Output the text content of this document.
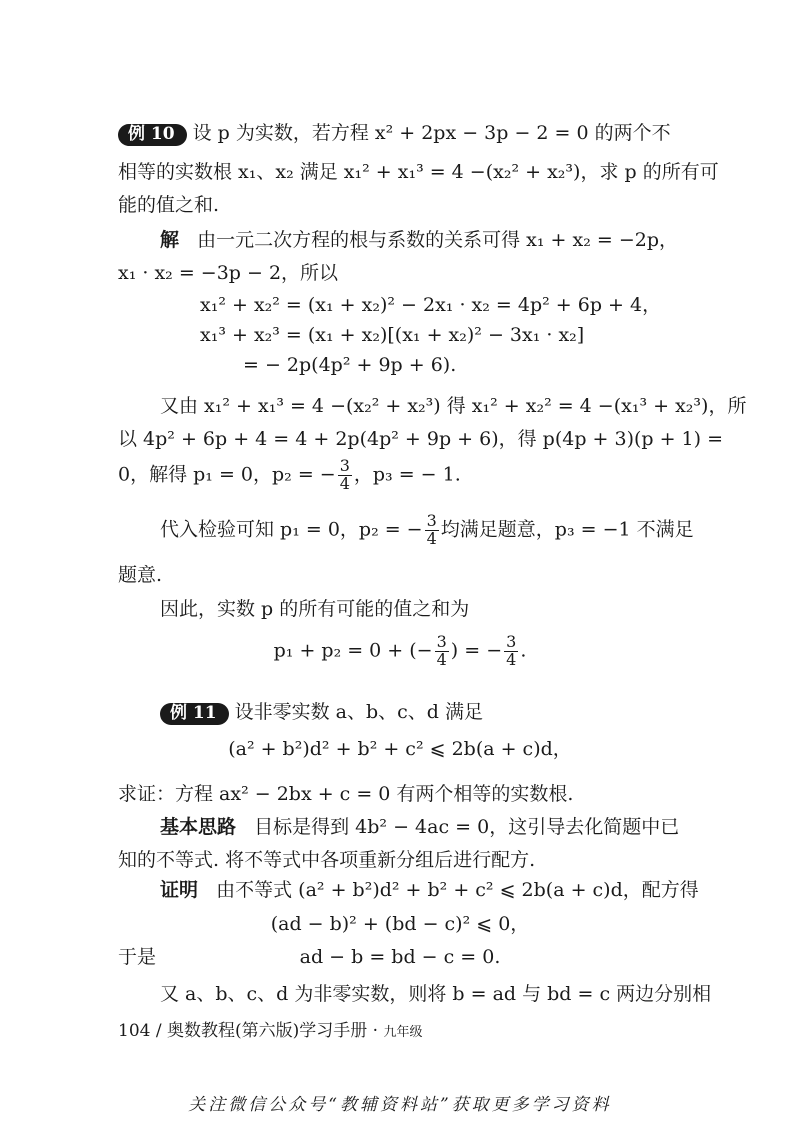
例 10 设 p 为实数，若方程 x² + 2px − 3p − 2 = 0 的两个不
相等的实数根 x₁、x₂ 满足 x₁² + x₁³ = 4 −(x₂² + x₂³)，求 p 的所有可
能的值之和.
解 由一元二次方程的根与系数的关系可得 x₁ + x₂ = −2p，
x₁ · x₂ = −3p − 2，所以
x₁² + x₂² = (x₁ + x₂)² − 2x₁ · x₂ = 4p² + 6p + 4，
x₁³ + x₂³ = (x₁ + x₂)[(x₁ + x₂)² − 3x₁ · x₂]
= − 2p(4p² + 9p + 6).
又由 x₁² + x₁³ = 4 −(x₂² + x₂³) 得 x₁² + x₂² = 4 −(x₁³ + x₂³)，所
以 4p² + 6p + 4 = 4 + 2p(4p² + 9p + 6)，得 p(4p + 3)(p + 1) =
0，解得 p₁ = 0，p₂ = − $\frac{3}{4}$ ，p₃ = − 1.
代入检验可知 p₁ = 0，p₂ = − $\frac{3}{4}$ 均满足题意，p₃ = −1 不满足
题意.
因此，实数 p 的所有可能的值之和为
p₁ + p₂ = 0 + (− $\frac{3}{4}$ ) = − $\frac{3}{4}$ .
例 11 设非零实数 a、b、c、d 满足
(a² + b²)d² + b² + c² ⩽ 2b(a + c)d，
求证：方程 ax² − 2bx + c = 0 有两个相等的实数根.
基本思路 目标是得到 4b² − 4ac = 0，这引导去化简题中已
知的不等式. 将不等式中各项重新分组后进行配方.
证明 由不等式 (a² + b²)d² + b² + c² ⩽ 2b(a + c)d，配方得
(ad − b)² + (bd − c)² ⩽ 0，
于是	ad − b = bd − c = 0.
又 a、b、c、d 为非零实数，则将 b = ad 与 bd = c 两边分别相
104 / 奥数教程(第六版)学习手册 · 九年级
关注微信公众号“教辅资料站”获取更多学习资料
